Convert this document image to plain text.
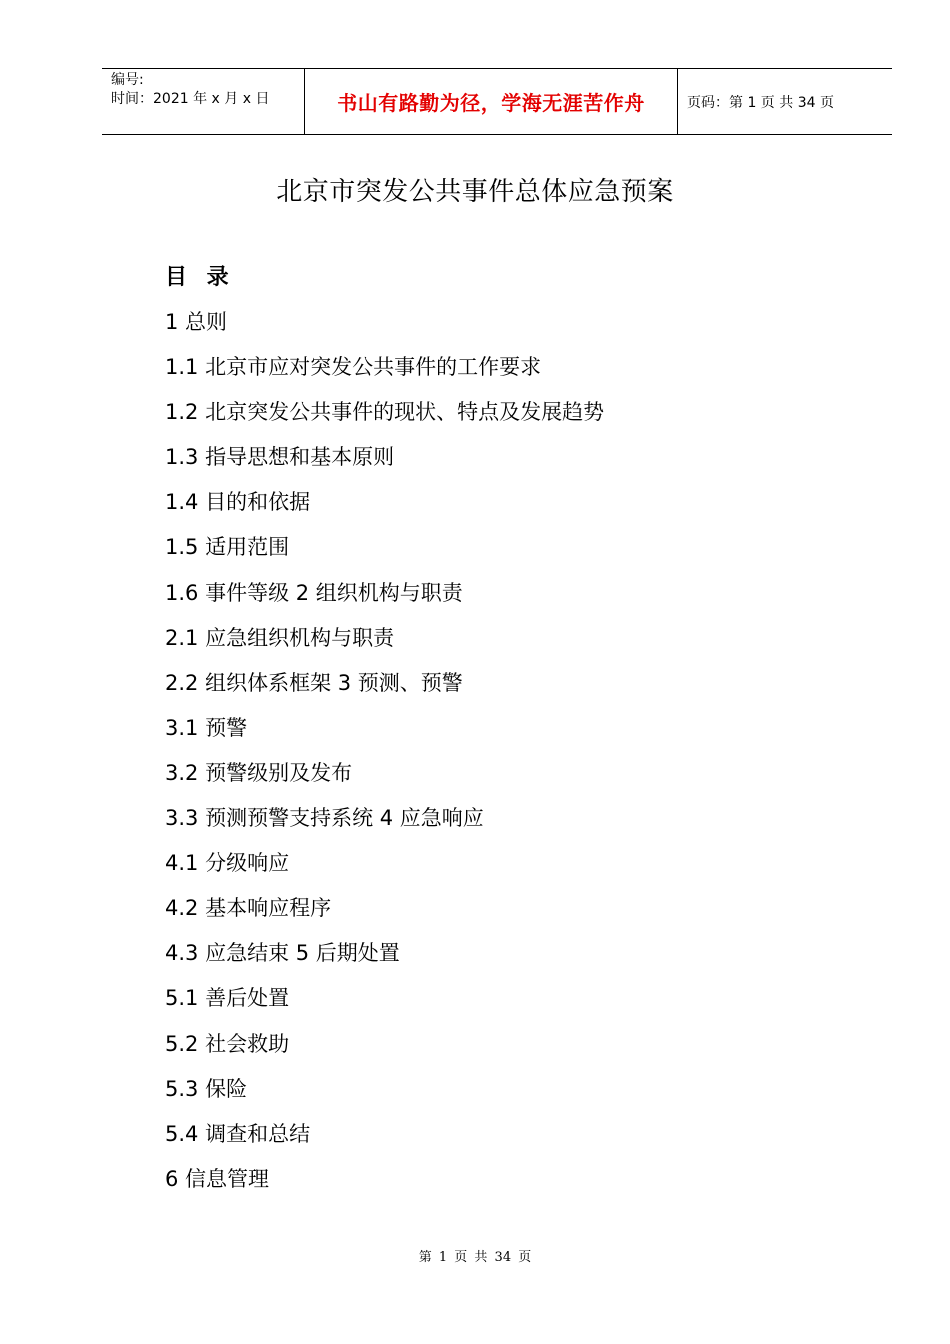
编号:
时间：2021 年 x 月 x 日	书山有路勤为径，学海无涯苦作舟	页码：第 1 页 共 34 页
北京市突发公共事件总体应急预案
目 录
1 总则
1.1 北京市应对突发公共事件的工作要求
1.2 北京突发公共事件的现状、特点及发展趋势
1.3 指导思想和基本原则
1.4 目的和依据
1.5 适用范围
1.6 事件等级 2 组织机构与职责
2.1 应急组织机构与职责
2.2 组织体系框架 3 预测、预警
3.1 预警
3.2 预警级别及发布
3.3 预测预警支持系统 4 应急响应
4.1 分级响应
4.2 基本响应程序
4.3 应急结束 5 后期处置
5.1 善后处置
5.2 社会救助
5.3 保险
5.4 调查和总结
6 信息管理
第 1 页 共 34 页
